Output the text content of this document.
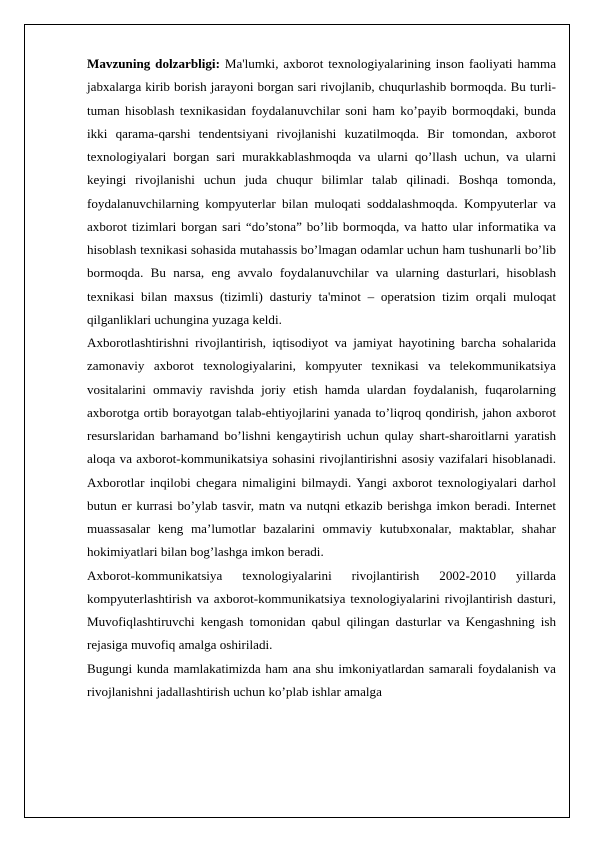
Mavzuning dolzarbligi: Ma'lumki, axborot texnologiyalarining inson faoliyati hamma jabxalarga kirib borish jarayoni borgan sari rivojlanib, chuqurlashib bormoqda. Bu turli-tuman hisoblash texnikasidan foydalanuvchilar soni ham ko’payib bormoqdaki, bunda ikki qarama-qarshi tendentsiyani rivojlanishi kuzatilmoqda. Bir tomondan, axborot texnologiyalari borgan sari murakkablashmoqda va ularni qo’llash uchun, va ularni keyingi rivojlanishi uchun juda chuqur bilimlar talab qilinadi. Boshqa tomonda, foydalanuvchilarning kompyuterlar bilan muloqati soddalashmoqda. Kompyuterlar va axborot tizimlari borgan sari “do’stona” bo’lib bormoqda, va hatto ular informatika va hisoblash texnikasi sohasida mutahassis bo’lmagan odamlar uchun ham tushunarli bo’lib bormoqda. Bu narsa, eng avvalo foydalanuvchilar va ularning dasturlari, hisoblash texnikasi bilan maxsus (tizimli) dasturiy ta'minot – operatsion tizim orqali muloqat qilganliklari uchungina yuzaga keldi.

Axborotlashtirishni rivojlantirish, iqtisodiyot va jamiyat hayotining barcha sohalarida zamonaviy axborot texnologiyalarini, kompyuter texnikasi va telekommunikatsiya vositalarini ommaviy ravishda joriy etish hamda ulardan foydalanish, fuqarolarning axborotga ortib borayotgan talab-ehtiyojlarini yanada to’liqroq qondirish, jahon axborot resurslaridan barhamand bo’lishni kengaytirish uchun qulay shart-sharoitlarni yaratish aloqa va axborot-kommunikatsiya sohasini rivojlantirishni asosiy vazifalari hisoblanadi. Axborotlar inqilobi chegara nimaligini bilmaydi. Yangi axborot texnologiyalari darhol butun er kurrasi bo’ylab tasvir, matn va nutqni etkazib berishga imkon beradi. Internet muassasalar keng ma’lumotlar bazalarini ommaviy kutubxonalar, maktablar, shahar hokimiyatlari bilan bog’lashga imkon beradi.

Axborot-kommunikatsiya texnologiyalarini rivojlantirish 2002-2010 yillarda kompyuterlashtirish va axborot-kommunikatsiya texnologiyalarini rivojlantirish dasturi, Muvofiqlashtiruvchi kengash tomonidan qabul qilingan dasturlar va Kengashning ish rejasiga muvofiq amalga oshiriladi.

Bugungi kunda mamlakatimizda ham ana shu imkoniyatlardan samarali foydalanish va rivojlanishni jadallashtirish uchun ko’plab ishlar amalga
